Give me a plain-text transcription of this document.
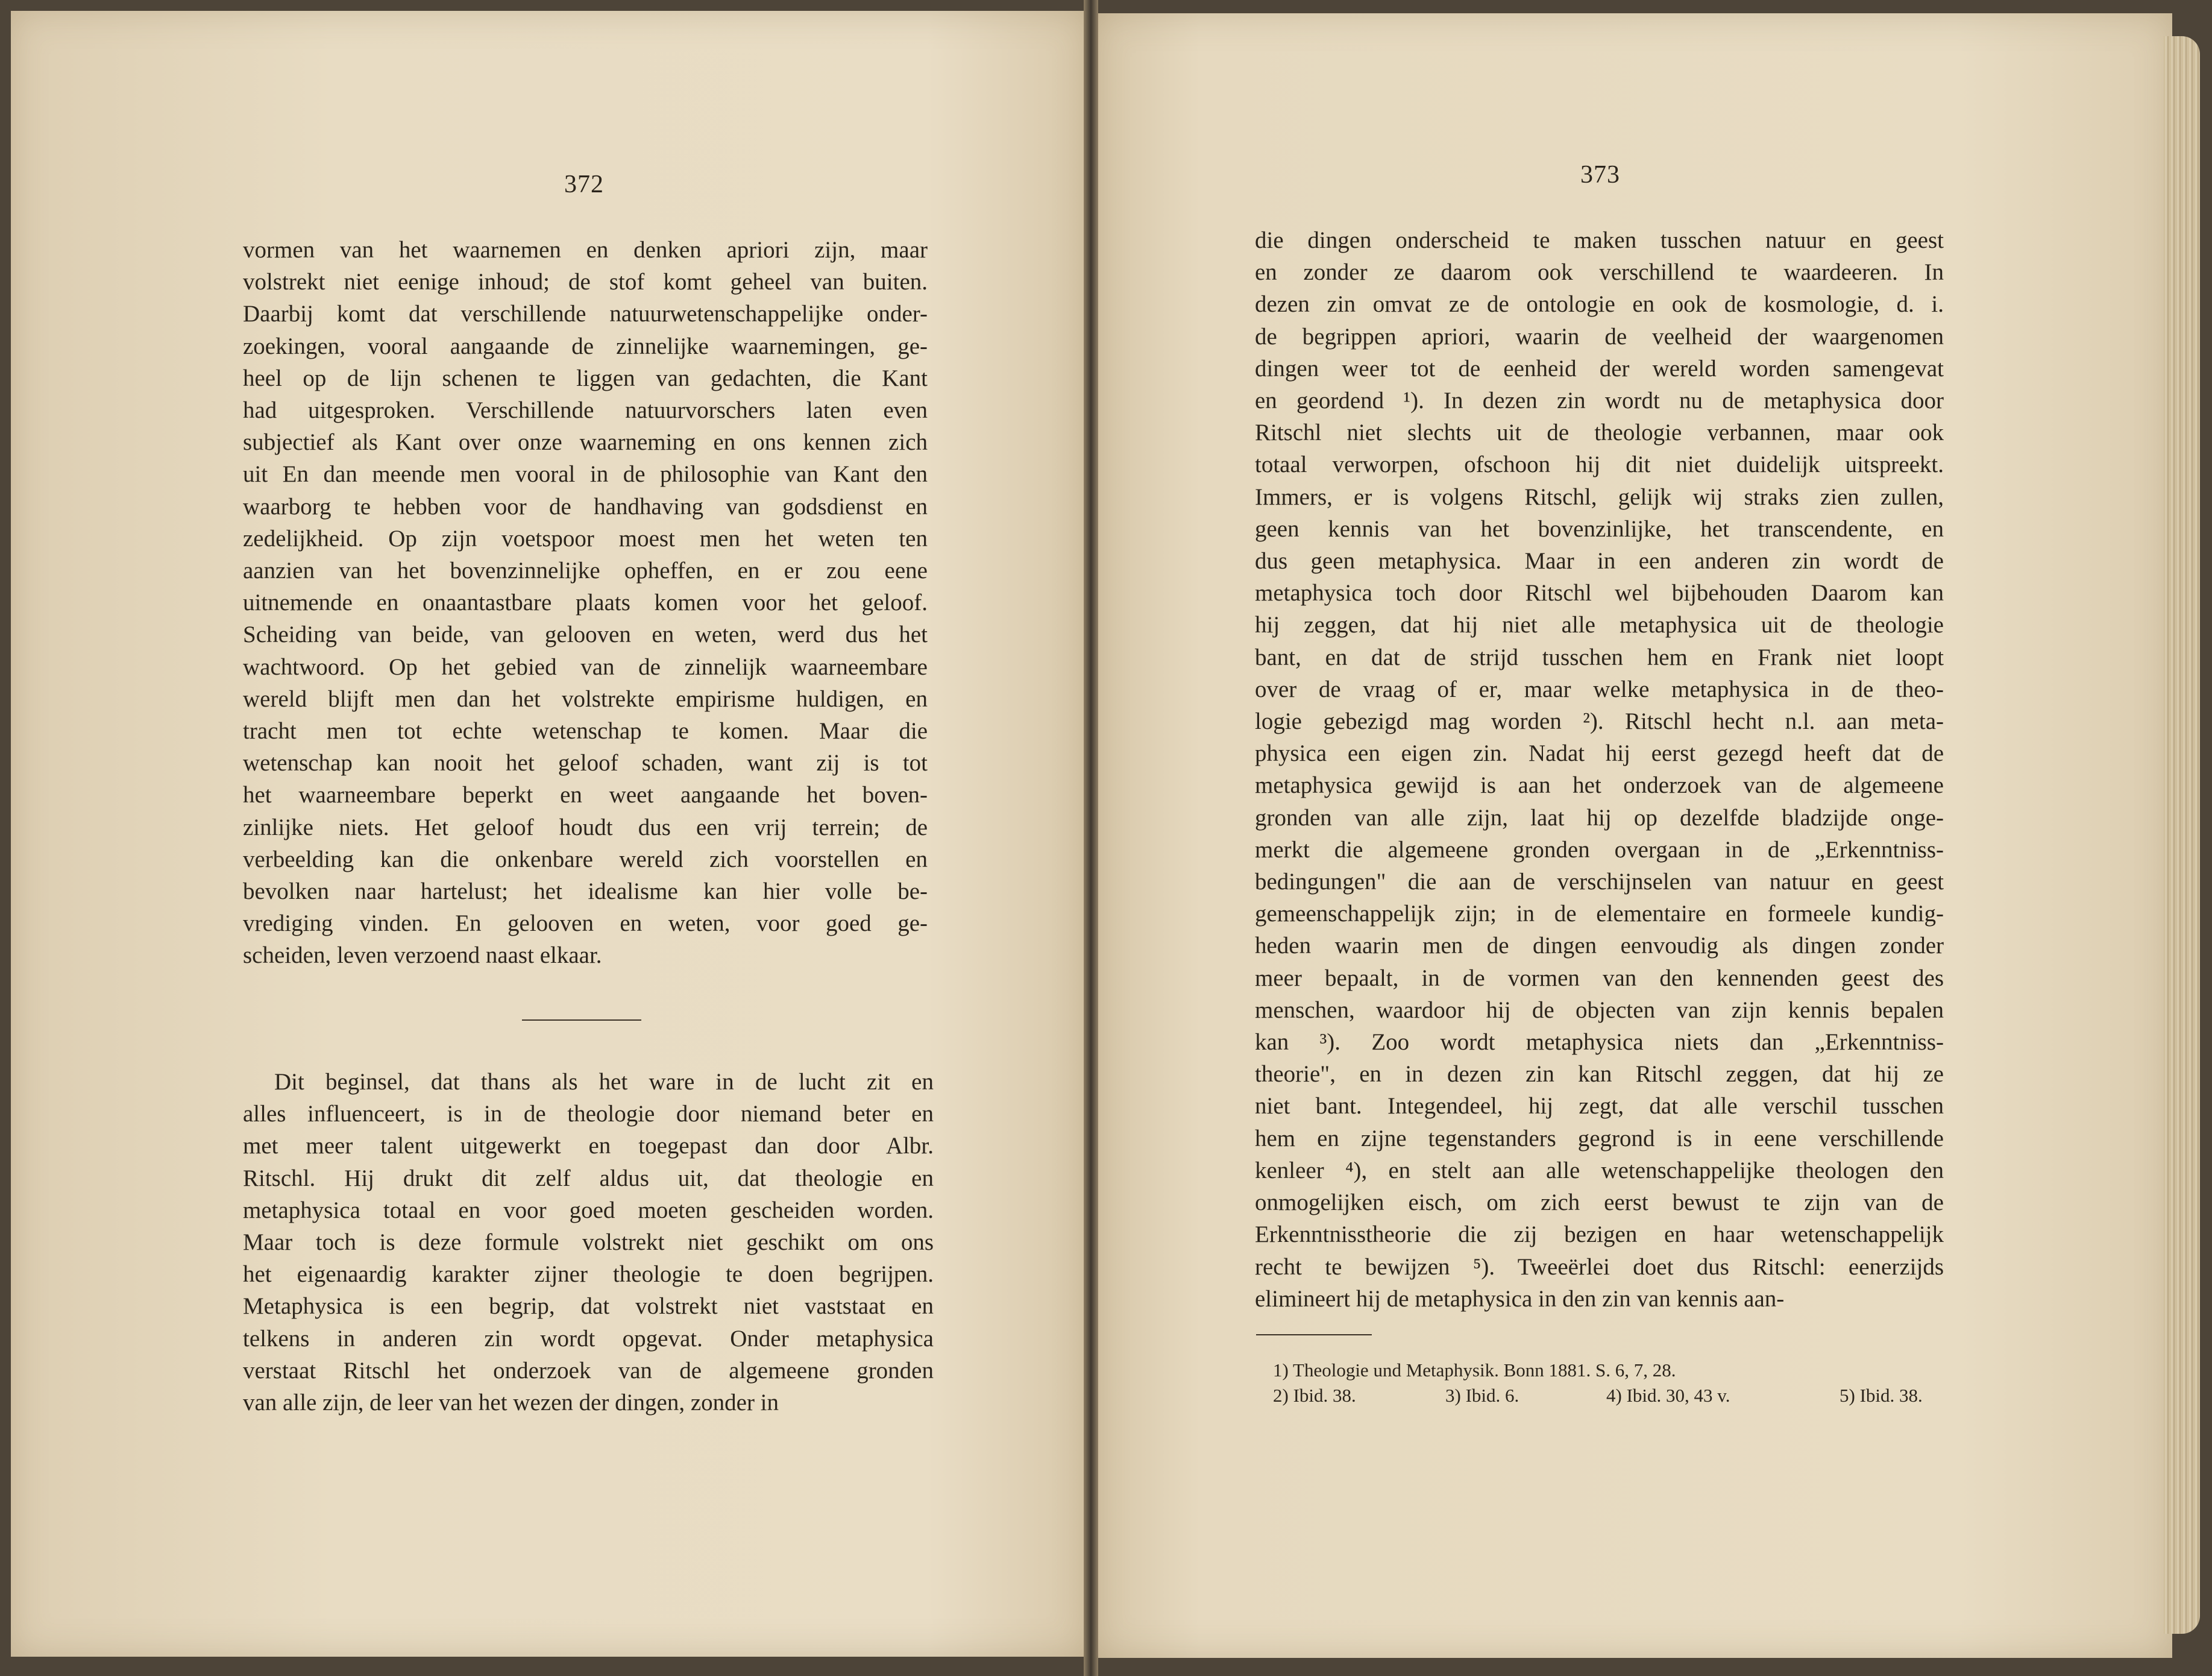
372
vormen van het waarnemen en denken apriori zijn, maar
volstrekt niet eenige inhoud; de stof komt geheel van buiten.
Daarbij komt dat verschillende natuurwetenschappelijke onder-
zoekingen, vooral aangaande de zinnelijke waarnemingen, ge-
heel op de lijn schenen te liggen van gedachten, die Kant
had uitgesproken. Verschillende natuurvorschers laten even
subjectief als Kant over onze waarneming en ons kennen zich
uit En dan meende men vooral in de philosophie van Kant den
waarborg te hebben voor de handhaving van godsdienst en
zedelijkheid. Op zijn voetspoor moest men het weten ten
aanzien van het bovenzinnelijke opheffen, en er zou eene
uitnemende en onaantastbare plaats komen voor het geloof.
Scheiding van beide, van gelooven en weten, werd dus het
wachtwoord. Op het gebied van de zinnelijk waarneembare
wereld blijft men dan het volstrekte empirisme huldigen, en
tracht men tot echte wetenschap te komen. Maar die
wetenschap kan nooit het geloof schaden, want zij is tot
het waarneembare beperkt en weet aangaande het boven-
zinlijke niets. Het geloof houdt dus een vrij terrein; de
verbeelding kan die onkenbare wereld zich voorstellen en
bevolken naar hartelust; het idealisme kan hier volle be-
vrediging vinden. En gelooven en weten, voor goed ge-
scheiden, leven verzoend naast elkaar.
Dit beginsel, dat thans als het ware in de lucht zit en
alles influenceert, is in de theologie door niemand beter en
met meer talent uitgewerkt en toegepast dan door Albr.
Ritschl. Hij drukt dit zelf aldus uit, dat theologie en
metaphysica totaal en voor goed moeten gescheiden worden.
Maar toch is deze formule volstrekt niet geschikt om ons
het eigenaardig karakter zijner theologie te doen begrijpen.
Metaphysica is een begrip, dat volstrekt niet vaststaat en
telkens in anderen zin wordt opgevat. Onder metaphysica
verstaat Ritschl het onderzoek van de algemeene gronden
van alle zijn, de leer van het wezen der dingen, zonder in
373
die dingen onderscheid te maken tusschen natuur en geest
en zonder ze daarom ook verschillend te waardeeren. In
dezen zin omvat ze de ontologie en ook de kosmologie, d. i.
de begrippen apriori, waarin de veelheid der waargenomen
dingen weer tot de eenheid der wereld worden samengevat
en geordend ¹). In dezen zin wordt nu de metaphysica door
Ritschl niet slechts uit de theologie verbannen, maar ook
totaal verworpen, ofschoon hij dit niet duidelijk uitspreekt.
Immers, er is volgens Ritschl, gelijk wij straks zien zullen,
geen kennis van het bovenzinlijke, het transcendente, en
dus geen metaphysica. Maar in een anderen zin wordt de
metaphysica toch door Ritschl wel bijbehouden Daarom kan
hij zeggen, dat hij niet alle metaphysica uit de theologie
bant, en dat de strijd tusschen hem en Frank niet loopt
over de vraag of er, maar welke metaphysica in de theo-
logie gebezigd mag worden ²). Ritschl hecht n.l. aan meta-
physica een eigen zin. Nadat hij eerst gezegd heeft dat de
metaphysica gewijd is aan het onderzoek van de algemeene
gronden van alle zijn, laat hij op dezelfde bladzijde onge-
merkt die algemeene gronden overgaan in de „Erkenntniss-
bedingungen" die aan de verschijnselen van natuur en geest
gemeenschappelijk zijn; in de elementaire en formeele kundig-
heden waarin men de dingen eenvoudig als dingen zonder
meer bepaalt, in de vormen van den kennenden geest des
menschen, waardoor hij de objecten van zijn kennis bepalen
kan ³). Zoo wordt metaphysica niets dan „Erkenntniss-
theorie", en in dezen zin kan Ritschl zeggen, dat hij ze
niet bant. Integendeel, hij zegt, dat alle verschil tusschen
hem en zijne tegenstanders gegrond is in eene verschillende
kenleer ⁴), en stelt aan alle wetenschappelijke theologen den
onmogelijken eisch, om zich eerst bewust te zijn van de
Erkenntnisstheorie die zij bezigen en haar wetenschappelijk
recht te bewijzen ⁵). Tweeërlei doet dus Ritschl: eenerzijds
elimineert hij de metaphysica in den zin van kennis aan-
1) Theologie und Metaphysik. Bonn 1881. S. 6, 7, 28.
2) Ibid. 38.	3) Ibid. 6.	4) Ibid. 30, 43 v.	5) Ibid. 38.
